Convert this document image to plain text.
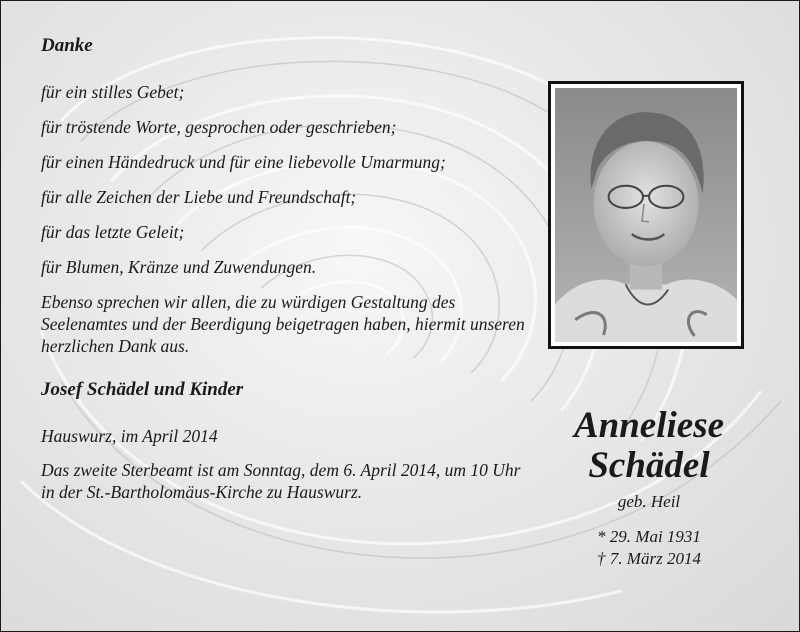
Danke
für ein stilles Gebet;
für tröstende Worte, gesprochen oder geschrieben;
für einen Händedruck und für eine liebevolle Umarmung;
für alle Zeichen der Liebe und Freundschaft;
für das letzte Geleit;
für Blumen, Kränze und Zuwendungen.
Ebenso sprechen wir allen, die zu würdigen Gestaltung des Seelenamtes und der Beerdigung beigetragen haben, hiermit unseren herzlichen Dank aus.
Josef Schädel und Kinder
Hauswurz, im April 2014
Das zweite Sterbeamt ist am Sonntag, dem 6. April 2014, um 10 Uhr in der St.-Bartholomäus-Kirche zu Hauswurz.
Anneliese
Schädel
geb. Heil
* 29. Mai 1931
† 7. März 2014
